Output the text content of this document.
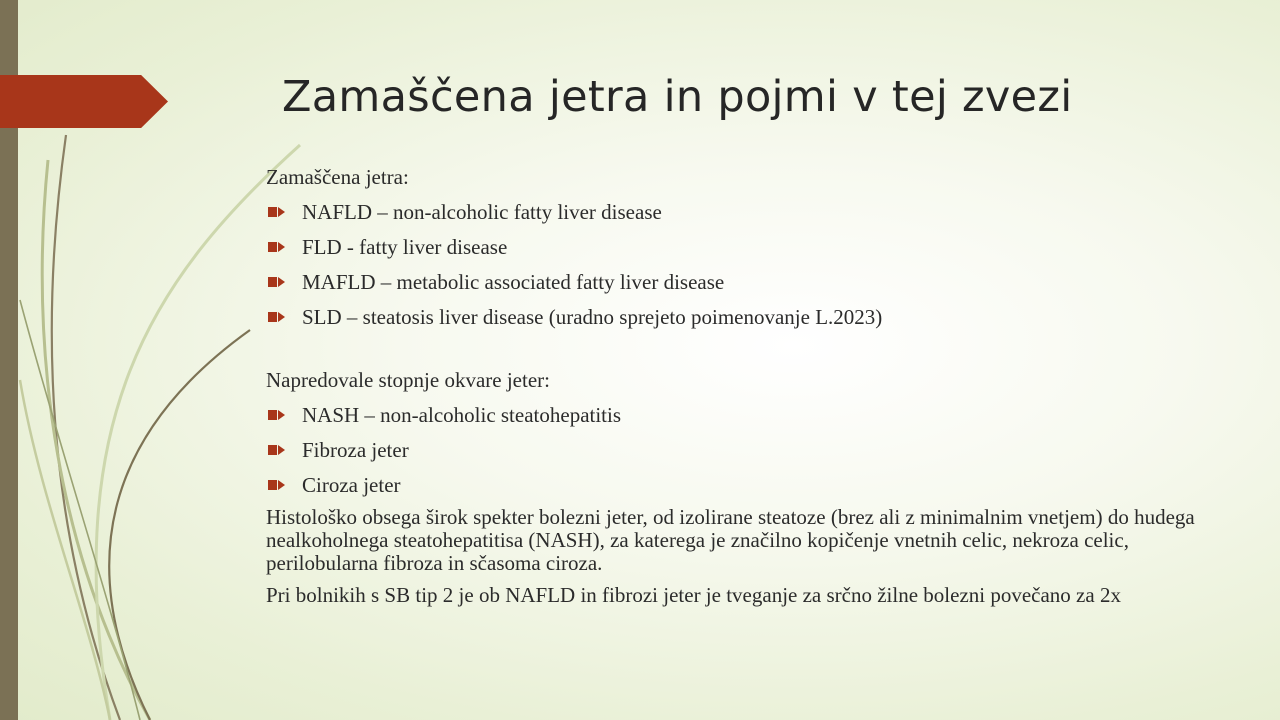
Zamaščena jetra in pojmi v tej zvezi
Zamaščena jetra:
NAFLD – non-alcoholic fatty liver disease
FLD - fatty liver disease
MAFLD – metabolic associated fatty liver disease
SLD – steatosis liver disease (uradno sprejeto poimenovanje L.2023)
Napredovale stopnje okvare jeter:
NASH – non-alcoholic steatohepatitis
Fibroza jeter
Ciroza jeter
Histološko obsega širok spekter bolezni jeter, od izolirane steatoze (brez ali z minimalnim vnetjem) do hudega nealkoholnega steatohepatitisa (NASH), za katerega je značilno kopičenje vnetnih celic, nekroza celic, perilobularna fibroza in sčasoma ciroza.
Pri bolnikih s SB tip 2 je ob NAFLD in fibrozi jeter je tveganje za srčno žilne bolezni povečano za 2x
